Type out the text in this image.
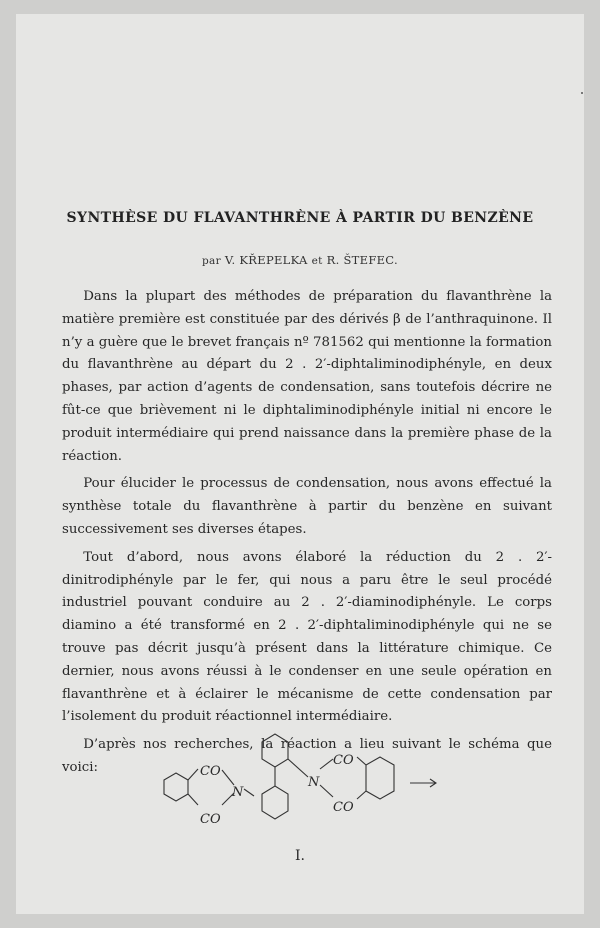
SYNTHÈSE DU FLAVANTHRÈNE À PARTIR DU BENZÈNE
par V. KŘEPELKA et R. ŠTEFEC.

Dans la plupart des méthodes de préparation du flavanthrène la matière première est constituée par des dérivés β de l’anthraquinone. Il n’y a guère que le brevet français nº 781562 qui mentionne la formation du flavanthrène au départ du 2 . 2′-diphtaliminodiphényle, en deux phases, par action d’agents de condensation, sans toutefois décrire ne fût-ce que brièvement ni le diphtaliminodiphényle initial ni encore le produit intermédiaire qui prend naissance dans la première phase de la réaction.

Pour élucider le processus de condensation, nous avons effectué la synthèse totale du flavanthrène à partir du benzène en suivant successivement ses diverses étapes.

Tout d’abord, nous avons élaboré la réduction du 2 . 2′-dinitrodiphényle par le fer, qui nous a paru être le seul procédé industriel pouvant conduire au 2 . 2′-diaminodiphényle. Le corps diamino a été transformé en 2 . 2′-diphtaliminodiphényle qui ne se trouve pas décrit jusqu’à présent dans la littérature chimique. Ce dernier, nous avons réussi à le condenser en une seule opération en flavanthrène et à éclairer le mécanisme de cette condensation par l’isolement du produit réactionnel intermédiaire.

D’après nos recherches, la réaction a lieu suivant le schéma que voici:	CO
CO
N
N
CO
CO
I.
